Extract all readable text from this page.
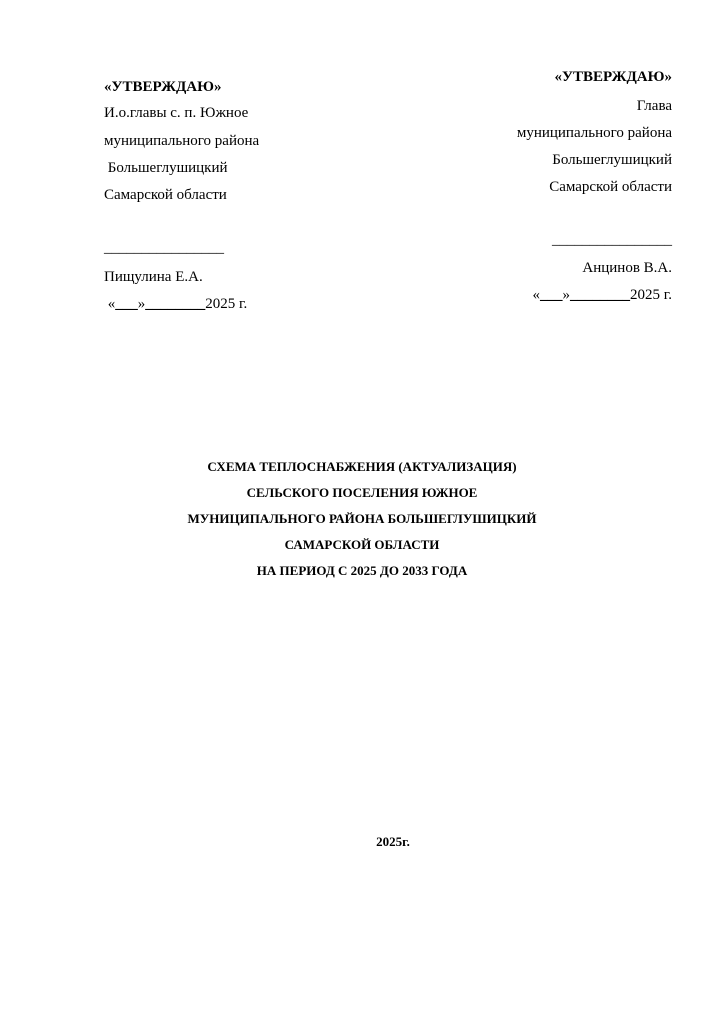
«УТВЕРЖДАЮ»
И.о.главы с. п. Южное
муниципального района
Большеглушицкий
Самарской области
________________
Пищулина Е.А.
«___»________2025 г.
«УТВЕРЖДАЮ»
Глава
муниципального района
Большеглушицкий
Самарской области
________________
Анцинов В.А.
«___»________2025 г.
СХЕМА ТЕПЛОСНАБЖЕНИЯ (АКТУАЛИЗАЦИЯ)
СЕЛЬСКОГО ПОСЕЛЕНИЯ ЮЖНОЕ
МУНИЦИПАЛЬНОГО РАЙОНА БОЛЬШЕГЛУШИЦКИЙ
САМАРСКОЙ ОБЛАСТИ
НА ПЕРИОД С 2025 ДО 2033 ГОДА
2025г.
